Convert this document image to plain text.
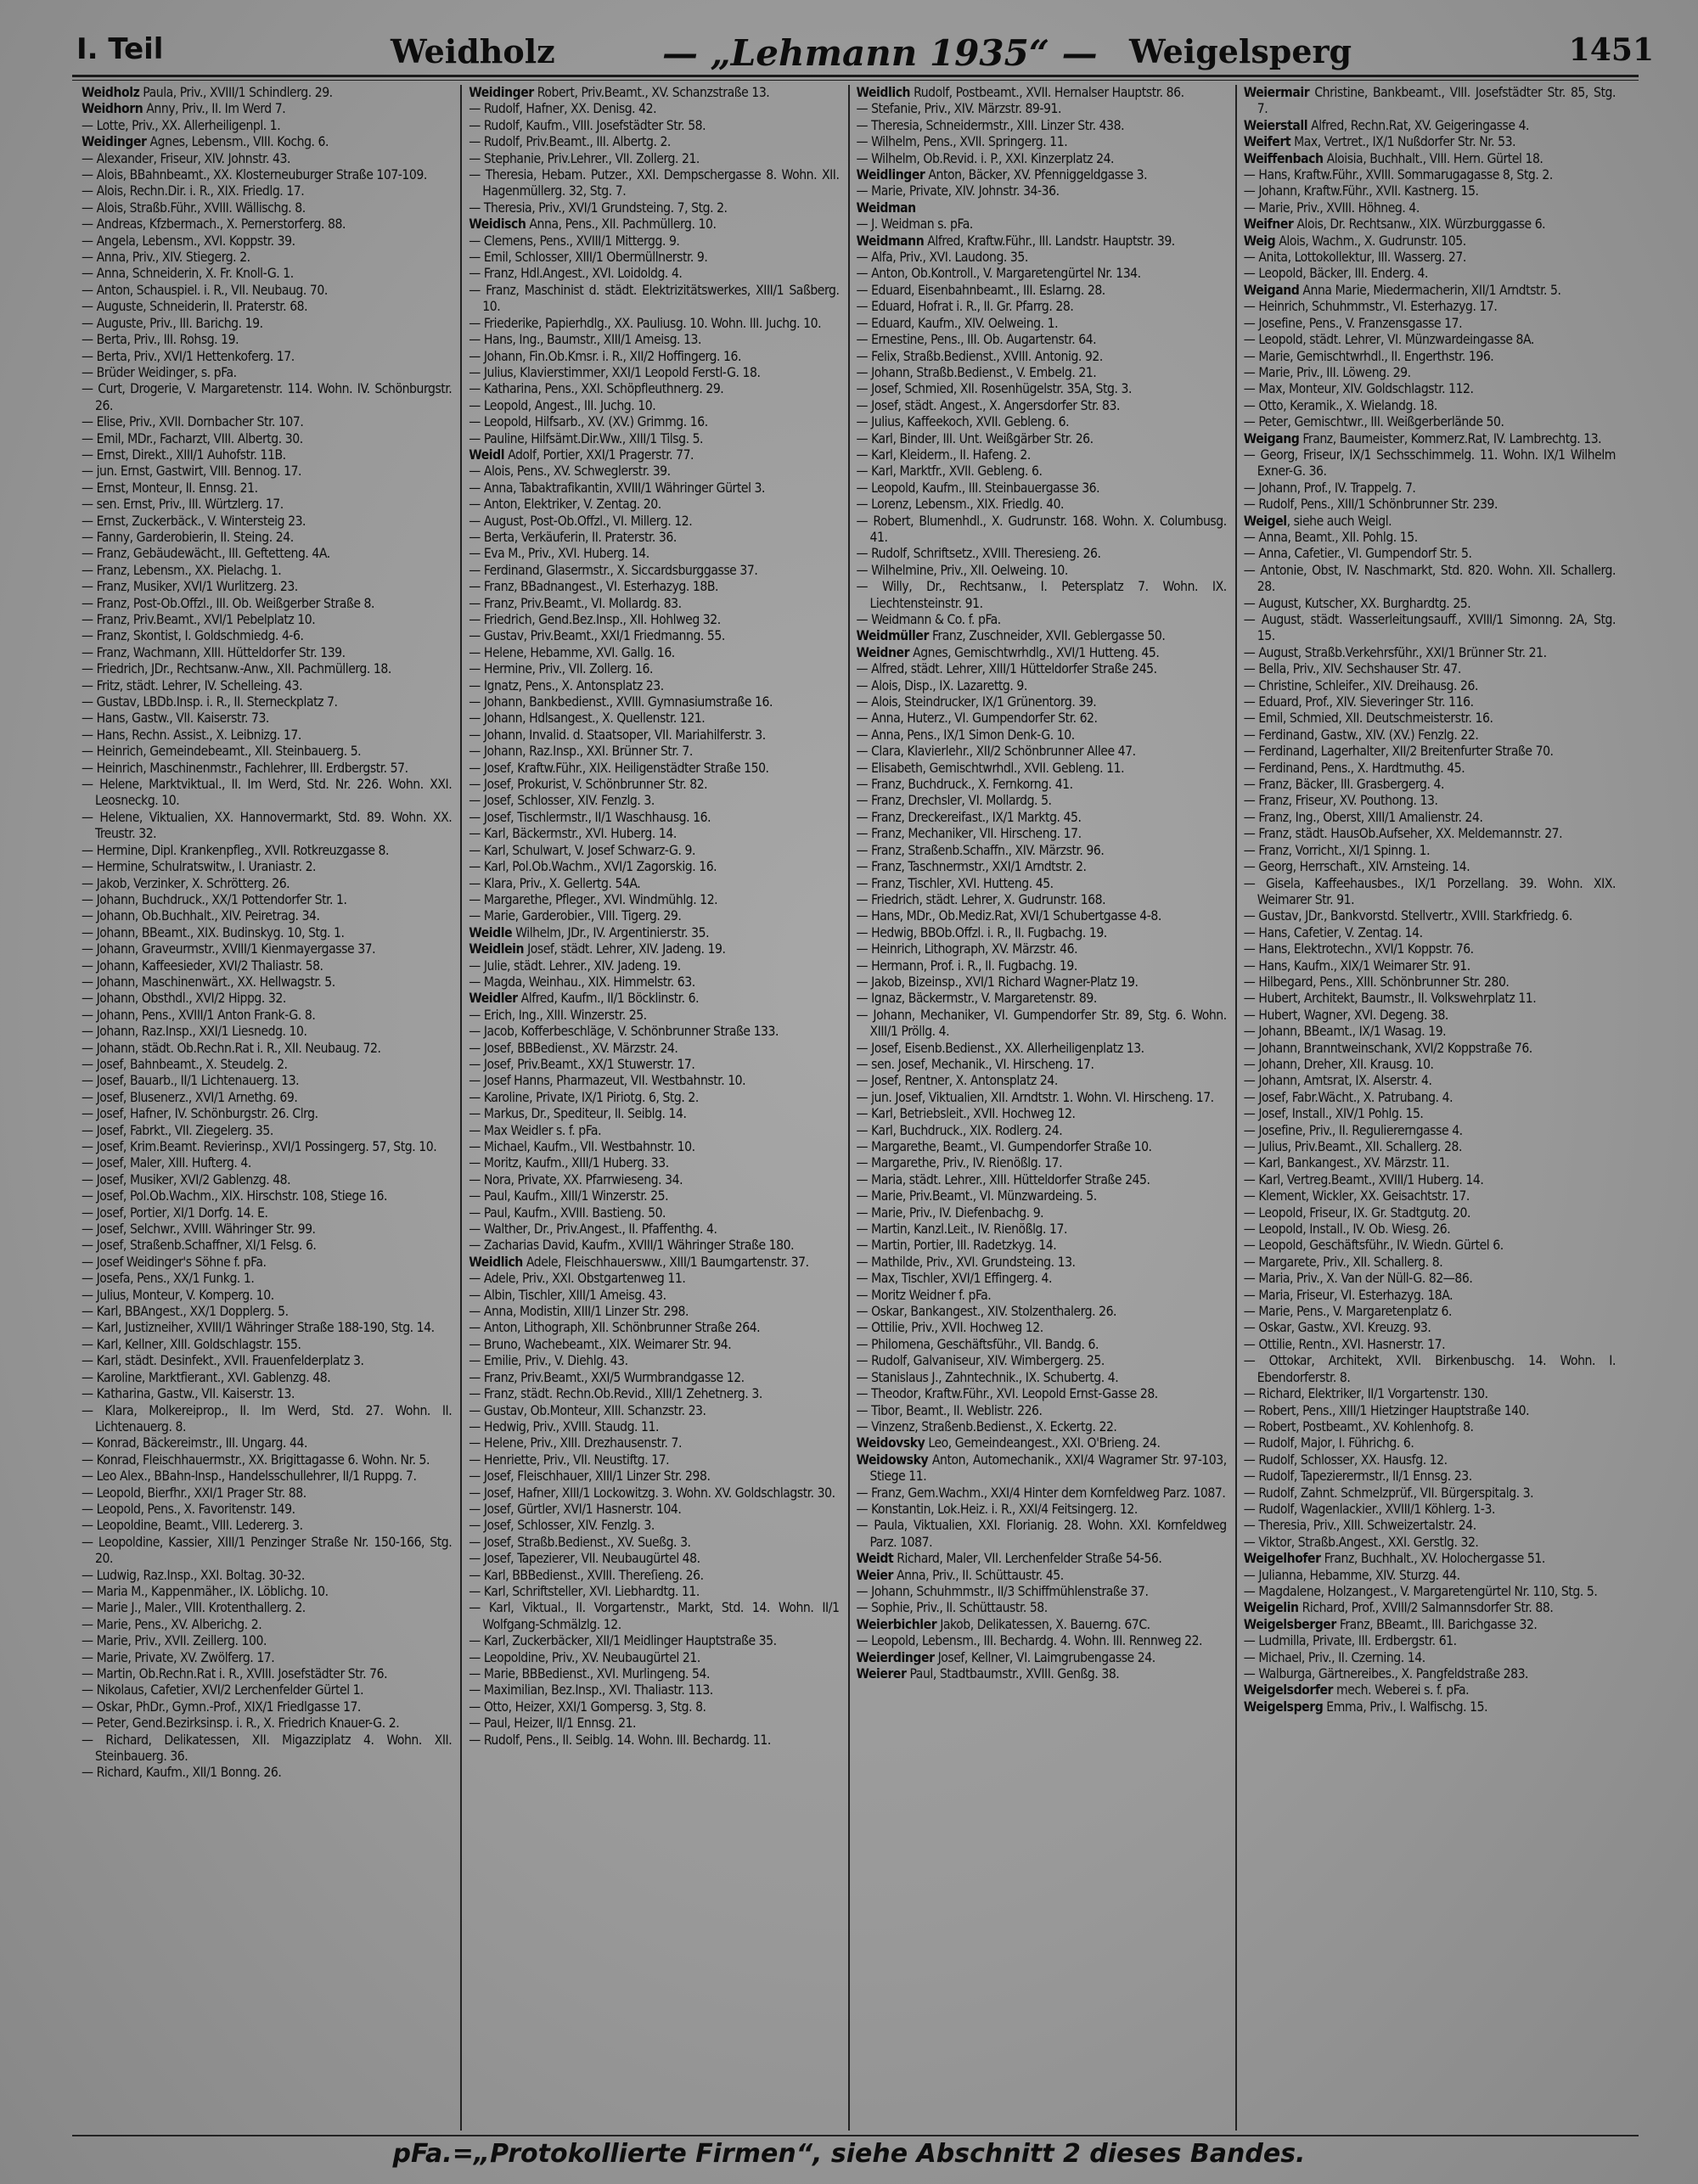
I. Teil	Weidholz	— „Lehmann 1935“ — Weigelsperg	1451

Weidholz Paula, Priv., XVIII/1 Schindlerg. 29.

Weidhorn Anny, Priv., II. Im Werd 7.

— Lotte, Priv., XX. Allerheiligenpl. 1.

Weidinger Agnes, Lebensm., VIII. Kochg. 6.

— Alexander, Friseur, XIV. Johnstr. 43.

— Alois, BBahnbeamt., XX. Klosterneuburger Straße 107-109.

— Alois, Rechn.Dir. i. R., XIX. Friedlg. 17.

— Alois, Straßb.Führ., XVIII. Wällischg. 8.

— Andreas, Kfzbermach., X. Pernerstorferg. 88.

— Angela, Lebensm., XVI. Koppstr. 39.

— Anna, Priv., XIV. Stiegerg. 2.

— Anna, Schneiderin, X. Fr. Knoll-G. 1.

— Anton, Schauspiel. i. R., VII. Neubaug. 70.

— Auguste, Schneiderin, II. Praterstr. 68.

— Auguste, Priv., III. Barichg. 19.

— Berta, Priv., III. Rohsg. 19.

— Berta, Priv., XVI/1 Hettenkoferg. 17.

— Brüder Weidinger, s. pFa.

— Curt, Drogerie, V. Margaretenstr. 114. Wohn. IV. Schönburgstr. 26.

— Elise, Priv., XVII. Dornbacher Str. 107.

— Emil, MDr., Facharzt, VIII. Albertg. 30.

— Ernst, Direkt., XIII/1 Auhofstr. 11B.

— jun. Ernst, Gastwirt, VIII. Bennog. 17.

— Ernst, Monteur, II. Ennsg. 21.

— sen. Ernst, Priv., III. Würtzlerg. 17.

— Ernst, Zuckerbäck., V. Wintersteig 23.

— Fanny, Garderobierin, II. Steing. 24.

— Franz, Gebäudewächt., III. Geftetteng. 4A.

— Franz, Lebensm., XX. Pielachg. 1.

— Franz, Musiker, XVI/1 Wurlitzerg. 23.

— Franz, Post-Ob.Offzl., III. Ob. Weißgerber Straße 8.

— Franz, Priv.Beamt., XVI/1 Pebelplatz 10.

— Franz, Skontist, I. Goldschmiedg. 4-6.

— Franz, Wachmann, XIII. Hütteldorfer Str. 139.

— Friedrich, JDr., Rechtsanw.-Anw., XII. Pachmüllerg. 18.

— Fritz, städt. Lehrer, IV. Schelleing. 43.

— Gustav, LBDb.Insp. i. R., II. Sterneckplatz 7.

— Hans, Gastw., VII. Kaiserstr. 73.

— Hans, Rechn. Assist., X. Leibnizg. 17.

— Heinrich, Gemeindebeamt., XII. Steinbauerg. 5.

— Heinrich, Maschinenmstr., Fachlehrer, III. Erdbergstr. 57.

— Helene, Marktviktual., II. Im Werd, Std. Nr. 226. Wohn. XXI. Leosneckg. 10.

— Helene, Viktualien, XX. Hannovermarkt, Std. 89. Wohn. XX. Treustr. 32.

— Hermine, Dipl. Krankenpfleg., XVII. Rotkreuzgasse 8.

— Hermine, Schulratswitw., I. Uraniastr. 2.

— Jakob, Verzinker, X. Schrötterg. 26.

— Johann, Buchdruck., XX/1 Pottendorfer Str. 1.

— Johann, Ob.Buchhalt., XIV. Peiretrag. 34.

— Johann, BBeamt., XIX. Budinskyg. 10, Stg. 1.

— Johann, Graveurmstr., XVIII/1 Kienmayergasse 37.

— Johann, Kaffeesieder, XVI/2 Thaliastr. 58.

— Johann, Maschinenwärt., XX. Hellwagstr. 5.

— Johann, Obsthdl., XVI/2 Hippg. 32.

— Johann, Pens., XVIII/1 Anton Frank-G. 8.

— Johann, Raz.Insp., XXI/1 Liesnedg. 10.

— Johann, städt. Ob.Rechn.Rat i. R., XII. Neubaug. 72.

— Josef, Bahnbeamt., X. Steudelg. 2.

— Josef, Bauarb., II/1 Lichtenauerg. 13.

— Josef, Blusenerz., XVI/1 Arnethg. 69.

— Josef, Hafner, IV. Schönburgstr. 26. Clrg.

— Josef, Fabrkt., VII. Ziegelerg. 35.

— Josef, Krim.Beamt. Revierinsp., XVI/1 Possingerg. 57, Stg. 10.

— Josef, Maler, XIII. Hufterg. 4.

— Josef, Musiker, XVI/2 Gablenzg. 48.

— Josef, Pol.Ob.Wachm., XIX. Hirschstr. 108, Stiege 16.

— Josef, Portier, XI/1 Dorfg. 14. E.

— Josef, Selchwr., XVIII. Währinger Str. 99.

— Josef, Straßenb.Schaffner, XI/1 Felsg. 6.

— Josef Weidinger's Söhne f. pFa.

— Josefa, Pens., XX/1 Funkg. 1.

— Julius, Monteur, V. Komperg. 10.

— Karl, BBAngest., XX/1 Dopplerg. 5.

— Karl, Justizneiher, XVIII/1 Währinger Straße 188-190, Stg. 14.

— Karl, Kellner, XIII. Goldschlagstr. 155.

— Karl, städt. Desinfekt., XVII. Frauenfelderplatz 3.

— Karoline, Marktfierant., XVI. Gablenzg. 48.

— Katharina, Gastw., VII. Kaiserstr. 13.

— Klara, Molkereiprop., II. Im Werd, Std. 27. Wohn. II. Lichtenauerg. 8.

— Konrad, Bäckereimstr., III. Ungarg. 44.

— Konrad, Fleischhauermstr., XX. Brigittagasse 6. Wohn. Nr. 5.

— Leo Alex., BBahn-Insp., Handelsschullehrer, II/1 Ruppg. 7.

— Leopold, Bierfhr., XXI/1 Prager Str. 88.

— Leopold, Pens., X. Favoritenstr. 149.

— Leopoldine, Beamt., VIII. Ledererg. 3.

— Leopoldine, Kassier, XIII/1 Penzinger Straße Nr. 150-166, Stg. 20.

— Ludwig, Raz.Insp., XXI. Boltag. 30-32.

— Maria M., Kappenmäher., IX. Löblichg. 10.

— Marie J., Maler., VIII. Krotenthallerg. 2.

— Marie, Pens., XV. Alberichg. 2.

— Marie, Priv., XVII. Zeillerg. 100.

— Marie, Private, XV. Zwölferg. 17.

— Martin, Ob.Rechn.Rat i. R., XVIII. Josefstädter Str. 76.

— Nikolaus, Cafetier, XVI/2 Lerchenfelder Gürtel 1.

— Oskar, PhDr., Gymn.-Prof., XIX/1 Friedlgasse 17.

— Peter, Gend.Bezirksinsp. i. R., X. Friedrich Knauer-G. 2.

— Richard, Delikatessen, XII. Migazziplatz 4. Wohn. XII. Steinbauerg. 36.

— Richard, Kaufm., XII/1 Bonng. 26.

Weidinger Robert, Priv.Beamt., XV. Schanzstraße 13.

— Rudolf, Hafner, XX. Denisg. 42.

— Rudolf, Kaufm., VIII. Josefstädter Str. 58.

— Rudolf, Priv.Beamt., III. Albertg. 2.

— Stephanie, Priv.Lehrer., VII. Zollerg. 21.

— Theresia, Hebam. Putzer., XXI. Dempschergasse 8. Wohn. XII. Hagenmüllerg. 32, Stg. 7.

— Theresia, Priv., XVI/1 Grundsteing. 7, Stg. 2.

Weidisch Anna, Pens., XII. Pachmüllerg. 10.

— Clemens, Pens., XVIII/1 Mittergg. 9.

— Emil, Schlosser, XIII/1 Obermüllnerstr. 9.

— Franz, Hdl.Angest., XVI. Loidoldg. 4.

— Franz, Maschinist d. städt. Elektrizitätswerkes, XIII/1 Saßberg. 10.

— Friederike, Papierhdlg., XX. Pauliusg. 10. Wohn. III. Juchg. 10.

— Hans, Ing., Baumstr., XIII/1 Ameisg. 13.

— Johann, Fin.Ob.Kmsr. i. R., XII/2 Hoffingerg. 16.

— Julius, Klavierstimmer, XXI/1 Leopold Ferstl-G. 18.

— Katharina, Pens., XXI. Schöpfleuthnerg. 29.

— Leopold, Angest., III. Juchg. 10.

— Leopold, Hilfsarb., XV. (XV.) Grimmg. 16.

— Pauline, Hilfsämt.Dir.Ww., XIII/1 Tilsg. 5.

Weidl Adolf, Portier, XXI/1 Pragerstr. 77.

— Alois, Pens., XV. Schweglerstr. 39.

— Anna, Tabaktrafikantin, XVIII/1 Währinger Gürtel 3.

— Anton, Elektriker, V. Zentag. 20.

— August, Post-Ob.Offzl., VI. Millerg. 12.

— Berta, Verkäuferin, II. Praterstr. 36.

— Eva M., Priv., XVI. Huberg. 14.

— Ferdinand, Glasermstr., X. Siccardsburggasse 37.

— Franz, BBadnangest., VI. Esterhazyg. 18B.

— Franz, Priv.Beamt., VI. Mollardg. 83.

— Friedrich, Gend.Bez.Insp., XII. Hohlweg 32.

— Gustav, Priv.Beamt., XXI/1 Friedmanng. 55.

— Helene, Hebamme, XVI. Gallg. 16.

— Hermine, Priv., VII. Zollerg. 16.

— Ignatz, Pens., X. Antonsplatz 23.

— Johann, Bankbedienst., XVIII. Gymnasiumstraße 16.

— Johann, Hdlsangest., X. Quellenstr. 121.

— Johann, Invalid. d. Staatsoper, VII. Mariahilferstr. 3.

— Johann, Raz.Insp., XXI. Brünner Str. 7.

— Josef, Kraftw.Führ., XIX. Heiligenstädter Straße 150.

— Josef, Prokurist, V. Schönbrunner Str. 82.

— Josef, Schlosser, XIV. Fenzlg. 3.

— Josef, Tischlermstr., II/1 Waschhausg. 16.

— Karl, Bäckermstr., XVI. Huberg. 14.

— Karl, Schulwart, V. Josef Schwarz-G. 9.

— Karl, Pol.Ob.Wachm., XVI/1 Zagorskig. 16.

— Klara, Priv., X. Gellertg. 54A.

— Margarethe, Pfleger., XVI. Windmühlg. 12.

— Marie, Garderobier., VIII. Tigerg. 29.

Weidle Wilhelm, JDr., IV. Argentinierstr. 35.

Weidlein Josef, städt. Lehrer, XIV. Jadeng. 19.

— Julie, städt. Lehrer., XIV. Jadeng. 19.

— Magda, Weinhau., XIX. Himmelstr. 63.

Weidler Alfred, Kaufm., II/1 Böcklinstr. 6.

— Erich, Ing., XIII. Winzerstr. 25.

— Jacob, Kofferbeschläge, V. Schönbrunner Straße 133.

— Josef, BBBedienst., XV. Märzstr. 24.

— Josef, Priv.Beamt., XX/1 Stuwerstr. 17.

— Josef Hanns, Pharmazeut, VII. Westbahnstr. 10.

— Karoline, Private, IX/1 Piriotg. 6, Stg. 2.

— Markus, Dr., Spediteur, II. Seiblg. 14.

— Max Weidler s. f. pFa.

— Michael, Kaufm., VII. Westbahnstr. 10.

— Moritz, Kaufm., XIII/1 Huberg. 33.

— Nora, Private, XX. Pfarrwieseng. 34.

— Paul, Kaufm., XIII/1 Winzerstr. 25.

— Paul, Kaufm., XVIII. Bastieng. 50.

— Walther, Dr., Priv.Angest., II. Pfaffenthg. 4.

— Zacharias David, Kaufm., XVIII/1 Währinger Straße 180.

Weidlich Adele, Fleischhauersww., XIII/1 Baumgartenstr. 37.

— Adele, Priv., XXI. Obstgartenweg 11.

— Albin, Tischler, XIII/1 Ameisg. 43.

— Anna, Modistin, XIII/1 Linzer Str. 298.

— Anton, Lithograph, XII. Schönbrunner Straße 264.

— Bruno, Wachebeamt., XIX. Weimarer Str. 94.

— Emilie, Priv., V. Diehlg. 43.

— Franz, Priv.Beamt., XXI/5 Wurmbrandgasse 12.

— Franz, städt. Rechn.Ob.Revid., XIII/1 Zehetnerg. 3.

— Gustav, Ob.Monteur, XIII. Schanzstr. 23.

— Hedwig, Priv., XVIII. Staudg. 11.

— Helene, Priv., XIII. Drezhausenstr. 7.

— Henriette, Priv., VII. Neustiftg. 17.

— Josef, Fleischhauer, XIII/1 Linzer Str. 298.

— Josef, Hafner, XIII/1 Lockowitzg. 3. Wohn. XV. Goldschlagstr. 30.

— Josef, Gürtler, XVI/1 Hasnerstr. 104.

— Josef, Schlosser, XIV. Fenzlg. 3.

— Josef, Straßb.Bedienst., XV. Sueßg. 3.

— Josef, Tapezierer, VII. Neubaugürtel 48.

— Karl, BBBedienst., XVIII. Thereſieng. 26.

— Karl, Schriftsteller, XVI. Liebhardtg. 11.

— Karl, Viktual., II. Vorgartenstr., Markt, Std. 14. Wohn. II/1 Wolfgang-Schmälzlg. 12.

— Karl, Zuckerbäcker, XII/1 Meidlinger Hauptstraße 35.

— Leopoldine, Priv., XV. Neubaugürtel 21.

— Marie, BBBedienst., XVI. Murlingeng. 54.

— Maximilian, Bez.Insp., XVI. Thaliastr. 113.

— Otto, Heizer, XXI/1 Gompersg. 3, Stg. 8.

— Paul, Heizer, II/1 Ennsg. 21.

— Rudolf, Pens., II. Seiblg. 14. Wohn. III. Bechardg. 11.

Weidlich Rudolf, Postbeamt., XVII. Hernalser Hauptstr. 86.

— Stefanie, Priv., XIV. Märzstr. 89-91.

— Theresia, Schneidermstr., XIII. Linzer Str. 438.

— Wilhelm, Pens., XVII. Springerg. 11.

— Wilhelm, Ob.Revid. i. P., XXI. Kinzerplatz 24.

Weidlinger Anton, Bäcker, XV. Pfenniggeldgasse 3.

— Marie, Private, XIV. Johnstr. 34-36.

Weidman

— J. Weidman s. pFa.

Weidmann Alfred, Kraftw.Führ., III. Landstr. Hauptstr. 39.

— Alfa, Priv., XVI. Laudong. 35.

— Anton, Ob.Kontroll., V. Margaretengürtel Nr. 134.

— Eduard, Eisenbahnbeamt., III. Eslarng. 28.

— Eduard, Hofrat i. R., II. Gr. Pfarrg. 28.

— Eduard, Kaufm., XIV. Oelweing. 1.

— Ernestine, Pens., III. Ob. Augartenstr. 64.

— Felix, Straßb.Bedienst., XVIII. Antonig. 92.

— Johann, Straßb.Bedienst., V. Embelg. 21.

— Josef, Schmied, XII. Rosenhügelstr. 35A, Stg. 3.

— Josef, städt. Angest., X. Angersdorfer Str. 83.

— Julius, Kaffeekoch, XVII. Gebleng. 6.

— Karl, Binder, III. Unt. Weißgärber Str. 26.

— Karl, Kleiderm., II. Hafeng. 2.

— Karl, Marktfr., XVII. Gebleng. 6.

— Leopold, Kaufm., III. Steinbauergasse 36.

— Lorenz, Lebensm., XIX. Friedlg. 40.

— Robert, Blumenhdl., X. Gudrunstr. 168. Wohn. X. Columbusg. 41.

— Rudolf, Schriftsetz., XVIII. Theresieng. 26.

— Wilhelmine, Priv., XII. Oelweing. 10.

— Willy, Dr., Rechtsanw., I. Petersplatz 7. Wohn. IX. Liechtensteinstr. 91.

— Weidmann & Co. f. pFa.

Weidmüller Franz, Zuschneider, XVII. Geblergasse 50.

Weidner Agnes, Gemischtwrhdlg., XVI/1 Hutteng. 45.

— Alfred, städt. Lehrer, XIII/1 Hütteldorfer Straße 245.

— Alois, Disp., IX. Lazarettg. 9.

— Alois, Steindrucker, IX/1 Grünentorg. 39.

— Anna, Huterz., VI. Gumpendorfer Str. 62.

— Anna, Pens., IX/1 Simon Denk-G. 10.

— Clara, Klavierlehr., XII/2 Schönbrunner Allee 47.

— Elisabeth, Gemischtwrhdl., XVII. Gebleng. 11.

— Franz, Buchdruck., X. Fernkorng. 41.

— Franz, Drechsler, VI. Mollardg. 5.

— Franz, Dreckereifast., IX/1 Marktg. 45.

— Franz, Mechaniker, VII. Hirscheng. 17.

— Franz, Straßenb.Schaffn., XIV. Märzstr. 96.

— Franz, Taschnermstr., XXI/1 Arndtstr. 2.

— Franz, Tischler, XVI. Hutteng. 45.

— Friedrich, städt. Lehrer, X. Gudrunstr. 168.

— Hans, MDr., Ob.Mediz.Rat, XVI/1 Schubertgasse 4-8.

— Hedwig, BBOb.Offzl. i. R., II. Fugbachg. 19.

— Heinrich, Lithograph, XV. Märzstr. 46.

— Hermann, Prof. i. R., II. Fugbachg. 19.

— Jakob, Bizeinsp., XVI/1 Richard Wagner-Platz 19.

— Ignaz, Bäckermstr., V. Margaretenstr. 89.

— Johann, Mechaniker, VI. Gumpendorfer Str. 89, Stg. 6. Wohn. XIII/1 Pröllg. 4.

— Josef, Eisenb.Bedienst., XX. Allerheiligenplatz 13.

— sen. Josef, Mechanik., VI. Hirscheng. 17.

— Josef, Rentner, X. Antonsplatz 24.

— jun. Josef, Viktualien, XII. Arndtstr. 1. Wohn. VI. Hirscheng. 17.

— Karl, Betriebsleit., XVII. Hochweg 12.

— Karl, Buchdruck., XIX. Rodlerg. 24.

— Margarethe, Beamt., VI. Gumpendorfer Straße 10.

— Margarethe, Priv., IV. Rienößlg. 17.

— Maria, städt. Lehrer., XIII. Hütteldorfer Straße 245.

— Marie, Priv.Beamt., VI. Münzwardeing. 5.

— Marie, Priv., IV. Diefenbachg. 9.

— Martin, Kanzl.Leit., IV. Rienößlg. 17.

— Martin, Portier, III. Radetzkyg. 14.

— Mathilde, Priv., XVI. Grundsteing. 13.

— Max, Tischler, XVI/1 Effingerg. 4.

— Moritz Weidner f. pFa.

— Oskar, Bankangest., XIV. Stolzenthalerg. 26.

— Ottilie, Priv., XVII. Hochweg 12.

— Philomena, Geschäftsführ., VII. Bandg. 6.

— Rudolf, Galvaniseur, XIV. Wimbergerg. 25.

— Stanislaus J., Zahntechnik., IX. Schubertg. 4.

— Theodor, Kraftw.Führ., XVI. Leopold Ernst-Gasse 28.

— Tibor, Beamt., II. Weblistr. 226.

— Vinzenz, Straßenb.Bedienst., X. Eckertg. 22.

Weidovsky Leo, Gemeindeangest., XXI. O'Brieng. 24.

Weidowsky Anton, Automechanik., XXI/4 Wagramer Str. 97-103, Stiege 11.

— Franz, Gem.Wachm., XXI/4 Hinter dem Kornfeldweg Parz. 1087.

— Konstantin, Lok.Heiz. i. R., XXI/4 Feitsingerg. 12.

— Paula, Viktualien, XXI. Florianig. 28. Wohn. XXI. Kornfeldweg Parz. 1087.

Weidt Richard, Maler, VII. Lerchenfelder Straße 54-56.

Weier Anna, Priv., II. Schüttaustr. 45.

— Johann, Schuhmmstr., II/3 Schiffmühlenstraße 37.

— Sophie, Priv., II. Schüttaustr. 58.

Weierbichler Jakob, Delikatessen, X. Bauerng. 67C.

— Leopold, Lebensm., III. Bechardg. 4. Wohn. III. Rennweg 22.

Weierdinger Josef, Kellner, VI. Laimgrubengasse 24.

Weierer Paul, Stadtbaumstr., XVIII. Genßg. 38.

Weiermair Christine, Bankbeamt., VIII. Josefstädter Str. 85, Stg. 7.

Weierstall Alfred, Rechn.Rat, XV. Geigeringasse 4.

Weifert Max, Vertret., IX/1 Nußdorfer Str. Nr. 53.

Weiffenbach Aloisia, Buchhalt., VIII. Hern. Gürtel 18.

— Hans, Kraftw.Führ., XVIII. Sommarugagasse 8, Stg. 2.

— Johann, Kraftw.Führ., XVII. Kastnerg. 15.

— Marie, Priv., XVIII. Höhneg. 4.

Weifner Alois, Dr. Rechtsanw., XIX. Würzburggasse 6.

Weig Alois, Wachm., X. Gudrunstr. 105.

— Anita, Lottokollektur, III. Wasserg. 27.

— Leopold, Bäcker, III. Enderg. 4.

Weigand Anna Marie, Miedermacherin, XII/1 Arndtstr. 5.

— Heinrich, Schuhmmstr., VI. Esterhazyg. 17.

— Josefine, Pens., V. Franzensgasse 17.

— Leopold, städt. Lehrer, VI. Münzwardeingasse 8A.

— Marie, Gemischtwrhdl., II. Engerthstr. 196.

— Marie, Priv., III. Löweng. 29.

— Max, Monteur, XIV. Goldschlagstr. 112.

— Otto, Keramik., X. Wielandg. 18.

— Peter, Gemischtwr., III. Weißgerberlände 50.

Weigang Franz, Baumeister, Kommerz.Rat, IV. Lambrechtg. 13.

— Georg, Friseur, IX/1 Sechsschimmelg. 11. Wohn. IX/1 Wilhelm Exner-G. 36.

— Johann, Prof., IV. Trappelg. 7.

— Rudolf, Pens., XIII/1 Schönbrunner Str. 239.

Weigel, siehe auch Weigl.

— Anna, Beamt., XII. Pohlg. 15.

— Anna, Cafetier., VI. Gumpendorf Str. 5.

— Antonie, Obst, IV. Naschmarkt, Std. 820. Wohn. XII. Schallerg. 28.

— August, Kutscher, XX. Burghardtg. 25.

— August, städt. Wasserleitungsauff., XVIII/1 Simonng. 2A, Stg. 15.

— August, Straßb.Verkehrsführ., XXI/1 Brünner Str. 21.

— Bella, Priv., XIV. Sechshauser Str. 47.

— Christine, Schleifer., XIV. Dreihausg. 26.

— Eduard, Prof., XIV. Sieveringer Str. 116.

— Emil, Schmied, XII. Deutschmeisterstr. 16.

— Ferdinand, Gastw., XIV. (XV.) Fenzlg. 22.

— Ferdinand, Lagerhalter, XII/2 Breitenfurter Straße 70.

— Ferdinand, Pens., X. Hardtmuthg. 45.

— Franz, Bäcker, III. Grasbergerg. 4.

— Franz, Friseur, XV. Pouthong. 13.

— Franz, Ing., Oberst, XIII/1 Amalienstr. 24.

— Franz, städt. HausOb.Aufseher, XX. Meldemannstr. 27.

— Franz, Vorricht., XI/1 Spinng. 1.

— Georg, Herrschaft., XIV. Arnsteing. 14.

— Gisela, Kaffeehausbes., IX/1 Porzellang. 39. Wohn. XIX. Weimarer Str. 91.

— Gustav, JDr., Bankvorstd. Stellvertr., XVIII. Starkfriedg. 6.

— Hans, Cafetier, V. Zentag. 14.

— Hans, Elektrotechn., XVI/1 Koppstr. 76.

— Hans, Kaufm., XIX/1 Weimarer Str. 91.

— Hilbegard, Pens., XIII. Schönbrunner Str. 280.

— Hubert, Architekt, Baumstr., II. Volkswehrplatz 11.

— Hubert, Wagner, XVI. Degeng. 38.

— Johann, BBeamt., IX/1 Wasag. 19.

— Johann, Branntweinschank, XVI/2 Koppstraße 76.

— Johann, Dreher, XII. Krausg. 10.

— Johann, Amtsrat, IX. Alserstr. 4.

— Josef, Fabr.Wächt., X. Patrubang. 4.

— Josef, Install., XIV/1 Pohlg. 15.

— Josefine, Priv., II. Reguliererngasse 4.

— Julius, Priv.Beamt., XII. Schallerg. 28.

— Karl, Bankangest., XV. Märzstr. 11.

— Karl, Vertreg.Beamt., XVIII/1 Huberg. 14.

— Klement, Wickler, XX. Geisachtstr. 17.

— Leopold, Friseur, IX. Gr. Stadtgutg. 20.

— Leopold, Install., IV. Ob. Wiesg. 26.

— Leopold, Geschäftsführ., IV. Wiedn. Gürtel 6.

— Margarete, Priv., XII. Schallerg. 8.

— Maria, Priv., X. Van der Nüll-G. 82—86.

— Maria, Friseur, VI. Esterhazyg. 18A.

— Marie, Pens., V. Margaretenplatz 6.

— Oskar, Gastw., XVI. Kreuzg. 93.

— Ottilie, Rentn., XVI. Hasnerstr. 17.

— Ottokar, Architekt, XVII. Birkenbuschg. 14. Wohn. I. Ebendorferstr. 8.

— Richard, Elektriker, II/1 Vorgartenstr. 130.

— Robert, Pens., XIII/1 Hietzinger Hauptstraße 140.

— Robert, Postbeamt., XV. Kohlenhofg. 8.

— Rudolf, Major, I. Führichg. 6.

— Rudolf, Schlosser, XX. Hausfg. 12.

— Rudolf, Tapezierermstr., II/1 Ennsg. 23.

— Rudolf, Zahnt. Schmelzprüf., VII. Bürgerspitalg. 3.

— Rudolf, Wagenlackier., XVIII/1 Köhlerg. 1-3.

— Theresia, Priv., XIII. Schweizertalstr. 24.

— Viktor, Straßb.Angest., XXI. Gerstlg. 32.

Weigelhofer Franz, Buchhalt., XV. Holochergasse 51.

— Julianna, Hebamme, XIV. Sturzg. 44.

— Magdalene, Holzangest., V. Margaretengürtel Nr. 110, Stg. 5.

Weigelin Richard, Prof., XVIII/2 Salmannsdorfer Str. 88.

Weigelsberger Franz, BBeamt., III. Barichgasse 32.

— Ludmilla, Private, III. Erdbergstr. 61.

— Michael, Priv., II. Czerning. 14.

— Walburga, Gärtnereibes., X. Pangfeldstraße 283.

Weigelsdorfer mech. Weberei s. f. pFa.

Weigelsperg Emma, Priv., I. Walfischg. 15.

pFa.=„Protokollierte Firmen“, siehe Abschnitt 2 dieses Bandes.
